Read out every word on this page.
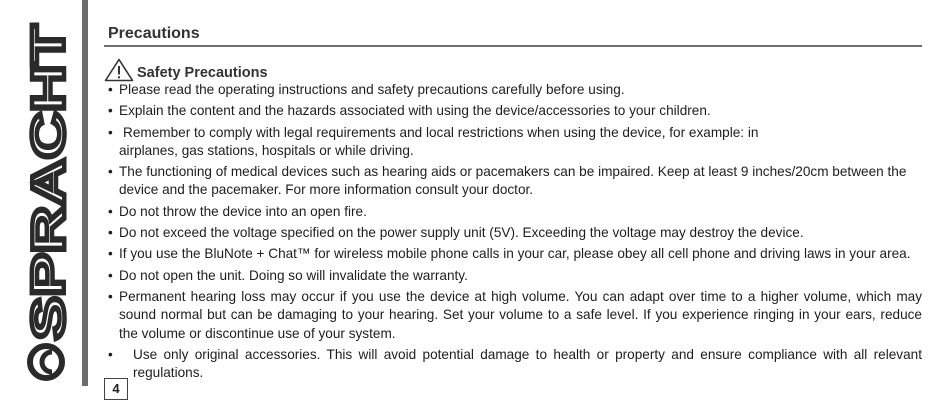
SPRACHT
Precautions
Safety Precautions
• Please read the operating instructions and safety precautions carefully before using.
• Explain the content and the hazards associated with using the device/accessories to your children.
• Remember to comply with legal requirements and local restrictions when using the device, for example: in airplanes, gas stations, hospitals or while driving.
• The functioning of medical devices such as hearing aids or pacemakers can be impaired. Keep at least 9 inches/20cm between the device and the pacemaker. For more information consult your doctor.
• Do not throw the device into an open fire.
• Do not exceed the voltage specified on the power supply unit (5V). Exceeding the voltage may destroy the device.
• If you use the BluNote + Chat™ for wireless mobile phone calls in your car, please obey all cell phone and driving laws in your area.
• Do not open the unit. Doing so will invalidate the warranty.
• Permanent hearing loss may occur if you use the device at high volume. You can adapt over time to a higher volume, which may sound normal but can be damaging to your hearing. Set your volume to a safe level. If you experience ringing in your ears, reduce the volume or discontinue use of your system.
• Use only original accessories. This will avoid potential damage to health or property and ensure compliance with all relevant regulations.
4
